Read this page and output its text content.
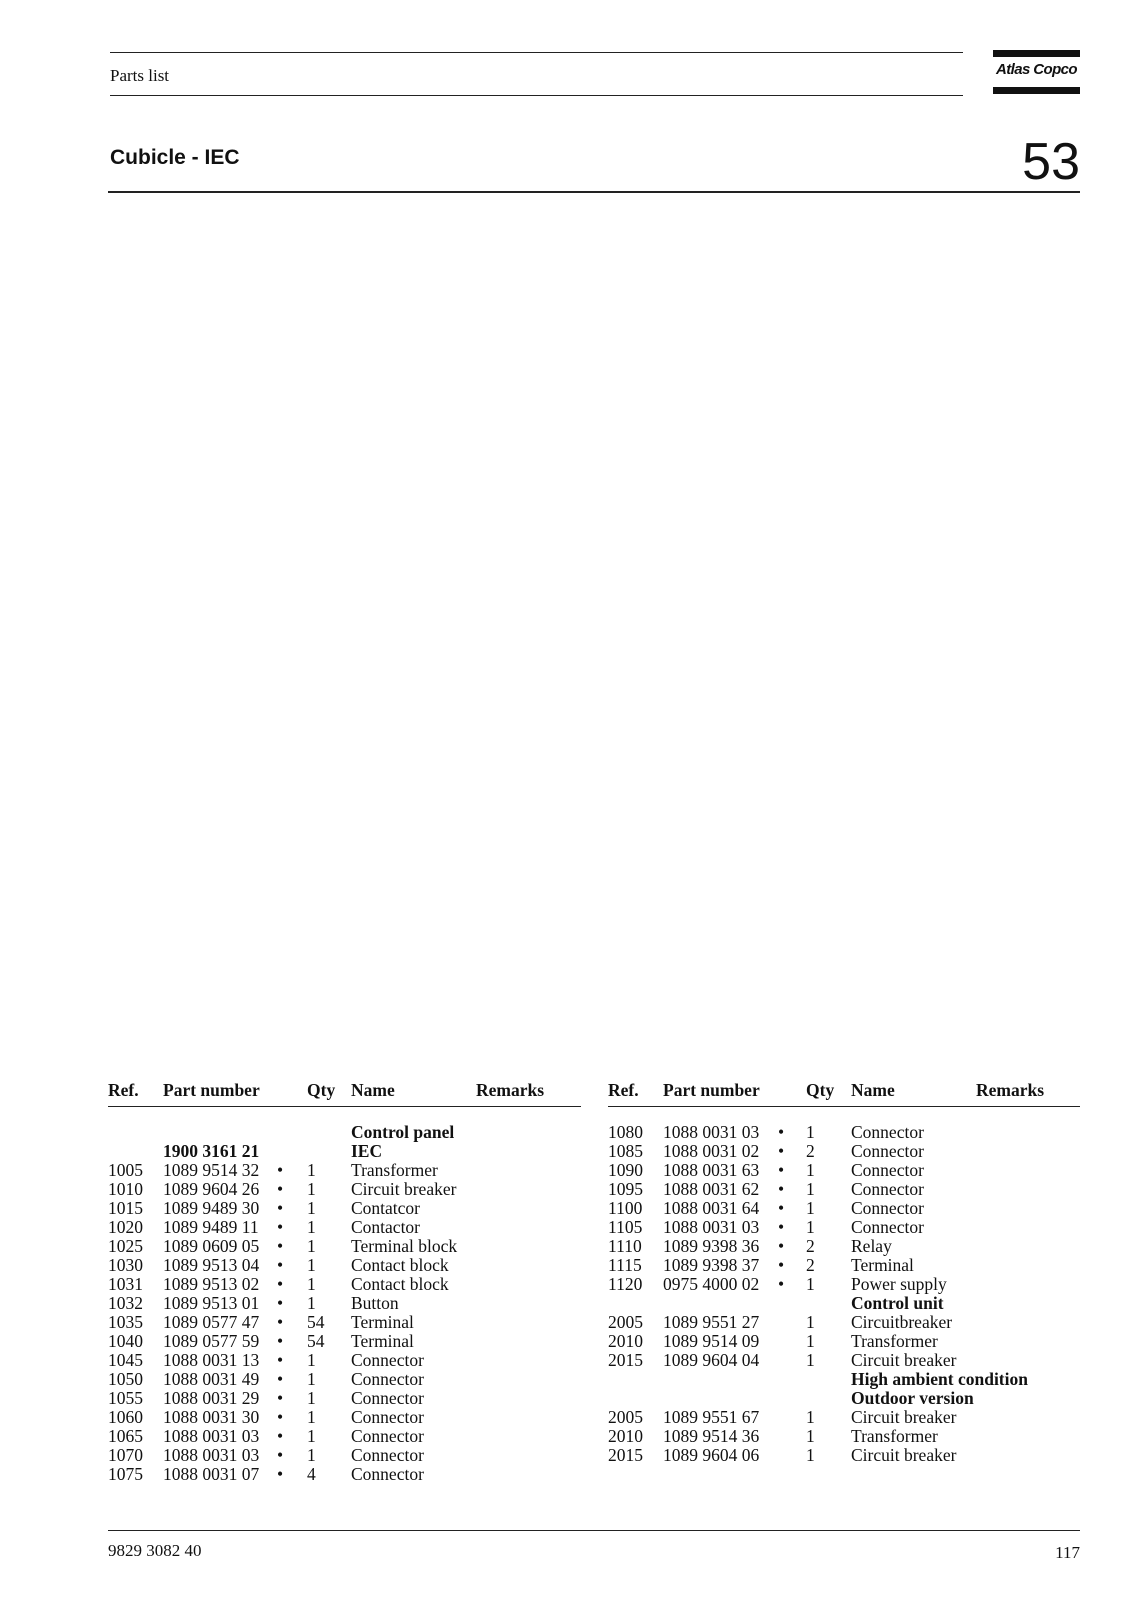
Parts list	Atlas Copco
Cubicle - IEC	53
Ref. Part number	Qty Name	Remarks
Control panel
1900 3161 21	IEC
1005 1089 9514 32 • 1 Transformer
1010 1089 9604 26 • 1 Circuit breaker
1015 1089 9489 30 • 1 Contatcor
1020 1089 9489 11 • 1 Contactor
1025 1089 0609 05 • 1 Terminal block
1030 1089 9513 04 • 1 Contact block
1031 1089 9513 02 • 1 Contact block
1032 1089 9513 01 • 1 Button
1035 1089 0577 47 • 54 Terminal
1040 1089 0577 59 • 54 Terminal
1045 1088 0031 13 • 1 Connector
1050 1088 0031 49 • 1 Connector
1055 1088 0031 29 • 1 Connector
1060 1088 0031 30 • 1 Connector
1065 1088 0031 03 • 1 Connector
1070 1088 0031 03 • 1 Connector
1075 1088 0031 07 • 4 Connector
Ref. Part number	Qty Name	Remarks
1080 1088 0031 03 • 1 Connector
1085 1088 0031 02 • 2 Connector
1090 1088 0031 63 • 1 Connector
1095 1088 0031 62 • 1 Connector
1100 1088 0031 64 • 1 Connector
1105 1088 0031 03 • 1 Connector
1110 1089 9398 36 • 2 Relay
1115 1089 9398 37 • 2 Terminal
1120 0975 4000 02 • 1 Power supply
Control unit
2005 1089 9551 27	1 Circuitbreaker
2010 1089 9514 09	1 Transformer
2015 1089 9604 04	1 Circuit breaker
High ambient condition
Outdoor version
2005 1089 9551 67	1 Circuit breaker
2010 1089 9514 36	1 Transformer
2015 1089 9604 06	1 Circuit breaker
9829 3082 40	117
